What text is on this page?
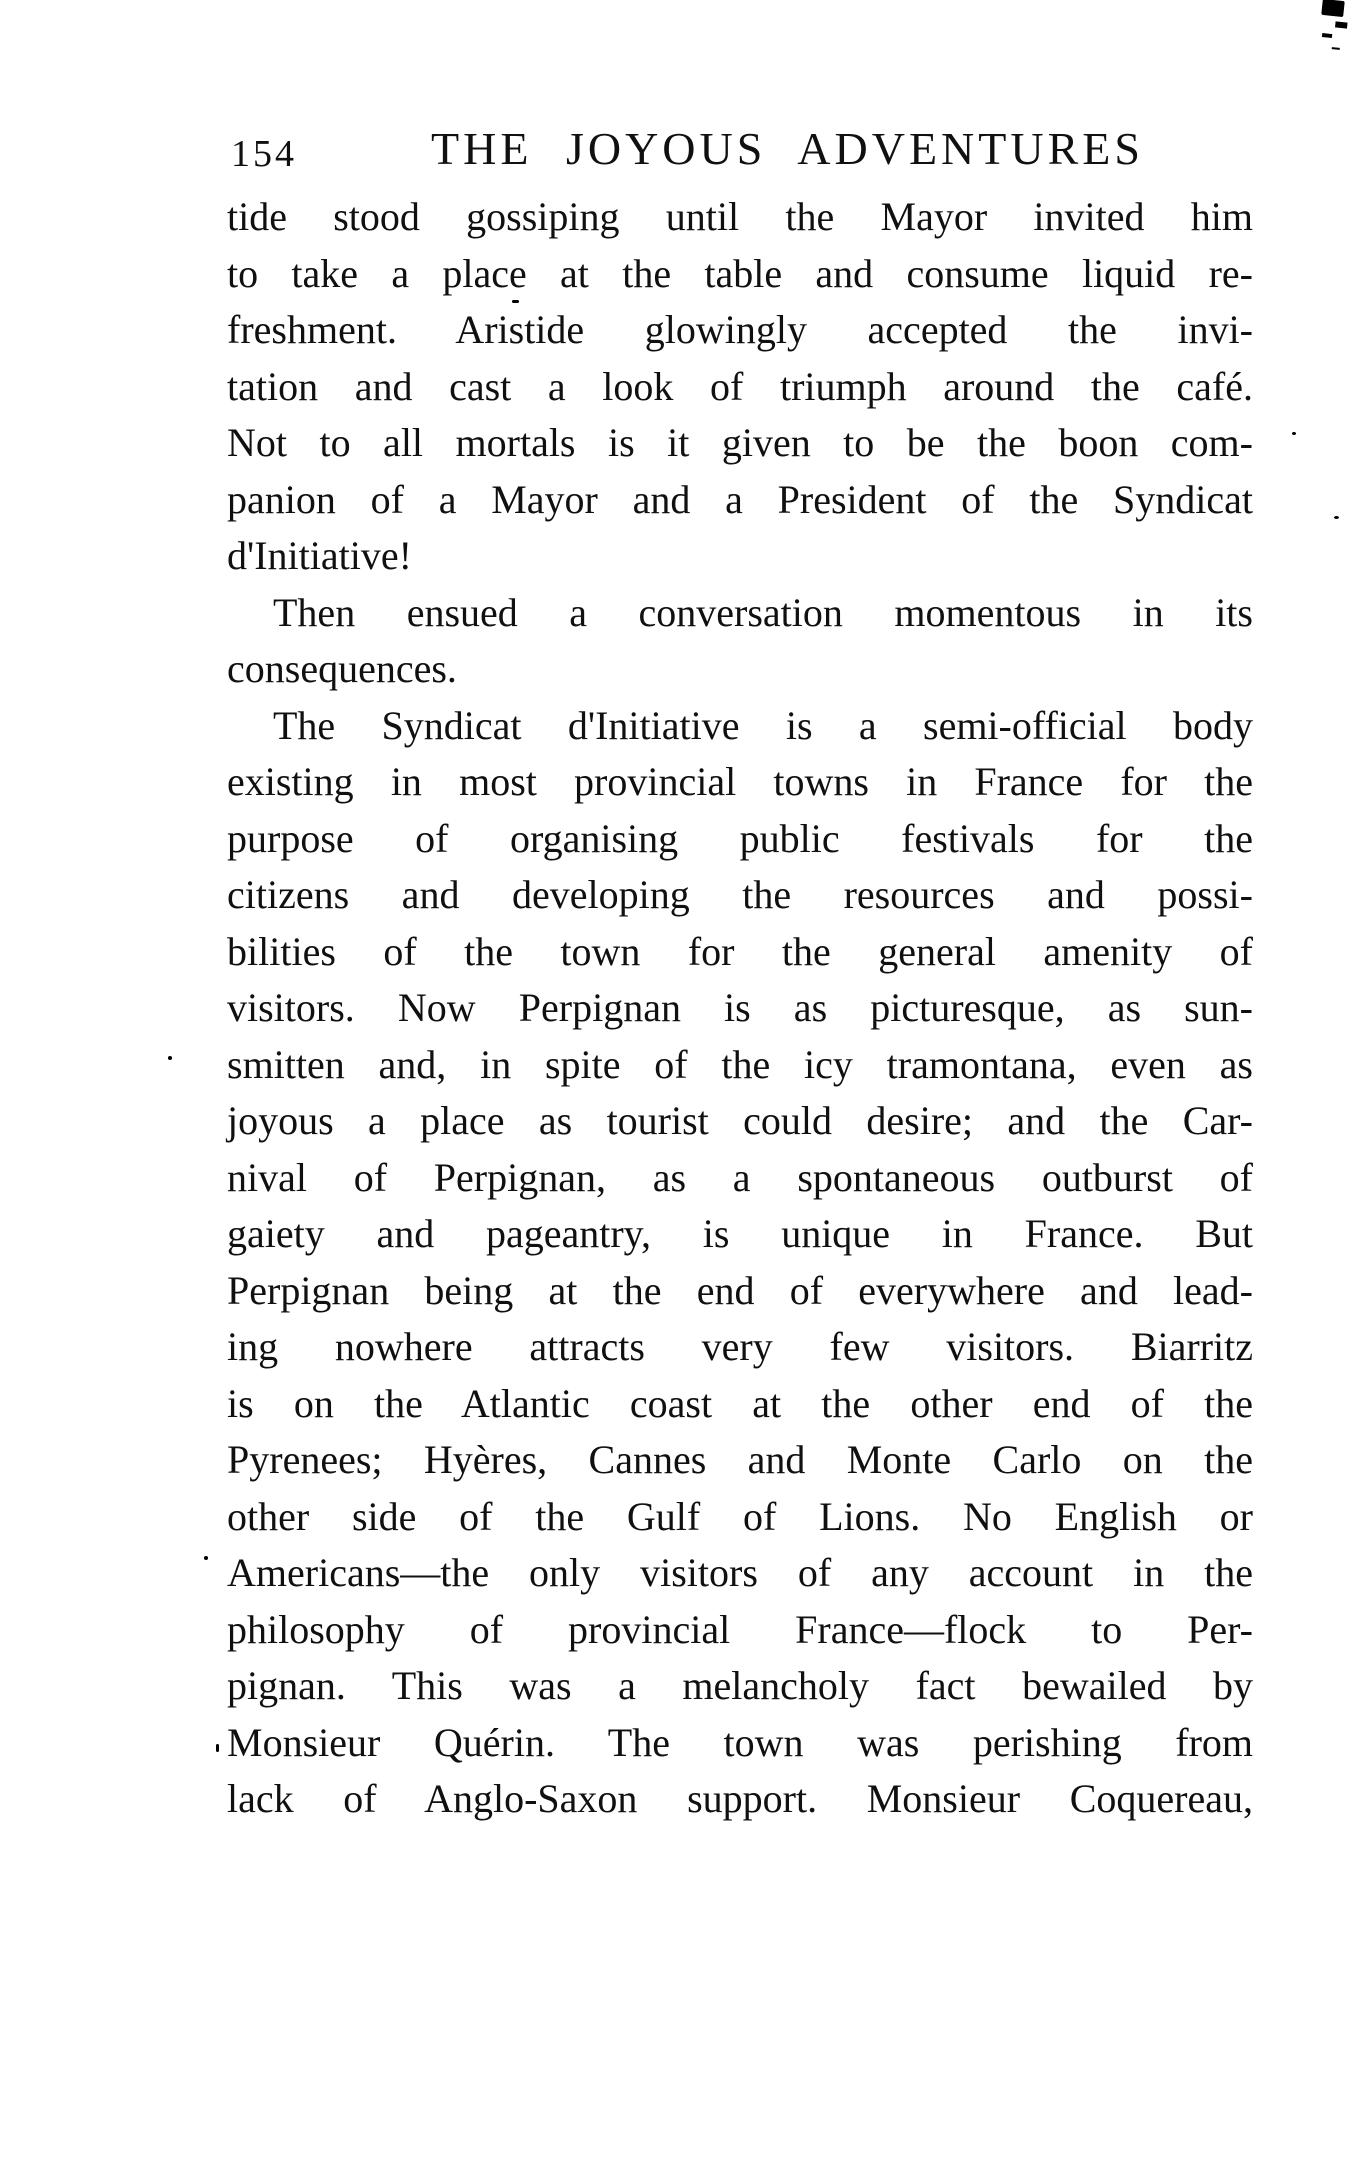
154	THE JOYOUS ADVENTURES
tide stood gossiping until the Mayor invited him
to take a place at the table and consume liquid re-
freshment. Aristide glowingly accepted the invi-
tation and cast a look of triumph around the café.
Not to all mortals is it given to be the boon com-
panion of a Mayor and a President of the Syndicat
d'Initiative!
Then ensued a conversation momentous in its
consequences.
The Syndicat d'Initiative is a semi-official body
existing in most provincial towns in France for the
purpose of organising public festivals for the
citizens and developing the resources and possi-
bilities of the town for the general amenity of
visitors. Now Perpignan is as picturesque, as sun-
smitten and, in spite of the icy tramontana, even as
joyous a place as tourist could desire; and the Car-
nival of Perpignan, as a spontaneous outburst of
gaiety and pageantry, is unique in France. But
Perpignan being at the end of everywhere and lead-
ing nowhere attracts very few visitors. Biarritz
is on the Atlantic coast at the other end of the
Pyrenees; Hyères, Cannes and Monte Carlo on the
other side of the Gulf of Lions. No English or
Americans—the only visitors of any account in the
philosophy of provincial France—flock to Per-
pignan. This was a melancholy fact bewailed by
Monsieur Quérin. The town was perishing from
lack of Anglo-Saxon support. Monsieur Coquereau,
